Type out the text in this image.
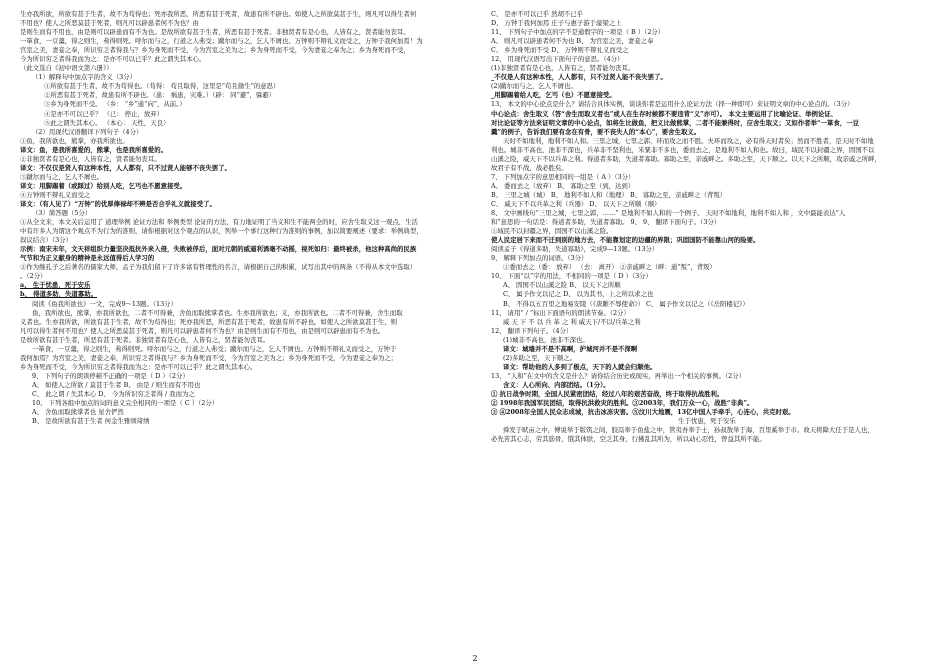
生亦我所欲，所欲有甚于生者，故不为苟得也；死亦我所恶，所恶有甚于死者，故患有所不辟也。如使人之所欲莫甚于生，则凡可以得生者何
不用也？使人之所恶莫甚于死者，则凡可以辟患者何不为也？由
是则生而有不用也，由是则可以辟患而有不为也。是故所欲有甚于生者，所恶有甚于死者。非独贤者有是心也，人皆有之，贤者能勿丧耳。
一箪食，一豆羹，得之则生，弗得则死。呼尔而与之，行道之人弗受；蹴尔而与之，乞人不屑也。万钟则不辩礼义而受之，万钟于我何加焉！为
宫室之美，妻妾之奉，所识穷乏者得我与？乡为身死而不受，今为宫室之美为之；乡为身死而不受，今为妻妾之奉为之；乡为身死而不受，
今为所识穷乏者得我而为之：是亦不可以已乎？此之谓失其本心。
（此文选自《初中语文第六册》）
（1）解释句中加点字的含义（3分）
①所欲有甚于生者，故不为苟得也。（苟得： 苟且取得，这里是“苟且偷生”的意思）
②所恶有甚于死者，故患有所不辟也。（患： 祸患，灾难。）（辟： 同“避”，躲避）
③乡为身死而不受。 （乡： “乡”通“向”，从前。）
④是亦不可以已乎？ （已： 停止，放弃）
⑤此之谓失其本心。 （本心： 天性，天良）
（2）用现代汉语翻译下列句子（4分）
①鱼，我所欲也，熊掌，亦我所欲也。
译文：鱼，是我所喜爱的，熊掌，也是我所喜爱的。
②非独贤者有是心也，人皆有之，贤者能勿丧耳。
译文：不仅仅是贤人有这种本性，人人都有，只不过贤人能够不丧失罢了。
③蹴尔而与之，乞人不屑也。
译文：用脚踢着（或踩过）给别人吃，乞丐也不愿意接受。
④万钟则不辩礼义而受之
译文：（有人见了）“万钟”的优厚俸禄却不辨是否合乎礼义就接受了。
（3）简答题（5分）
①从全文来，本文关后运用了 道理举例 论证方法和 举例类型 论证的方法，有力地证明了当义和生不能两全的时，应舍生取义这一观点，生活
中有许多人为谓这个观点不为行为的准则，请你根据对这个观点的认识，列举一个事行这种行为准则的事例，加以简要阐述（要求：举例典型，
叙议结合）（3分）
示例：南宋末年，文天祥组织力量坚决抵抗外来入侵，失败被俘后，面对元朝的威逼利诱毫不动摇，视死如归：最终被杀，他这种高尚的民族
气节和为正义献身的精神是永远值得后人学习的
②作为继孔子之后著名的儒家大师，孟子为我们留下了许多富有哲理性的名言，请根据自己的积累，试写出其中的两条（不得从本文中选取）
。（2分）
a、 生于忧患，死于安乐
b、 得道多助，失道寡助。
阅读《鱼我所欲也》一文，完成9～13题。（13分）
鱼，我所欲也，熊掌，亦我所欲也，二者不可得兼，舍鱼而取熊掌者也。生亦我所欲也；义，亦我所欲也。二者不可得兼，舍生而取
义者也。生亦我所欲，所欲有甚于生者，故不为苟得也；死亦我所恶，所恶有甚于死者，故患有所不辟也。如使人之所欲莫甚于生，则
凡可以得生者何不用也？使人之所恶莫甚于死者，则凡可以辟患者何不为也？由是则生而有不用也，由是则可以辟患而有不为也。
是故所欲有甚于生者，所恶有甚于死者。非独贤者有是心也，人皆有之，贤者能勿丧耳。
一箪食，一豆羹，得之则生，弗得则死。呼尔而与之，行道之人弗受；蹴尔而与之，乞人不屑也。万钟则不辩礼义而受之，万钟于
我何加焉？为宫室之美，妻妾之奉，所识穷乏者得我与？乡为身死而不受，今为宫室之美为之；乡为身死而不受，今为妻妾之奉为之；
乡为身死而不受，今为所识穷乏者得我而为之：是亦不可以已乎？此之谓失其本心。
9、 下列句子的朗读停顿不正确的一项是（ D ）（2分）
A、 如使人之所欲 / 莫甚于生者 B、 由是 / 则生而有不用也
C、 此之谓 / 失其本心 D、 今为所识穷乏者得 / 我而为之
10、 下列各组中加点的词的意义完全相同的一项是（ C ）（2分）
A、 舍鱼而取熊掌者也 星舍俨然
B、 是故所欲有甚于生者 何金生雅颂琦绣
C、 是亦不可以已乎 然胡不已乎
D、 万钟于我何加焉 庄子与惠子游于濠梁之上
11、 下列句子中加点的字不是通假字的一项是（ B ）（2分）
A、 则凡可以辟患者何不为也 B、 为宫室之美，妻妾之奉
C、 乡为身死而不受 D、 万钟则不辩礼义而受之
12、 用现代汉语写出下面句子的意思。（4分）
(1)非独贤者有是心也，人皆有之，贤者能勿丧耳。
_不仅是人有这种本性，人人都有，只不过贤人能不丧失罢了。
(2)蹴尔而与之，乞人不屑也。
_用脚踢着给人吃，乞丐（也）不愿意接受。
13、 本文的中心论点是什么？请结合具体实例，谈谈你者是运用什么论证方法（择一种即可）来证明文章的中心论点的。（3分）
中心论点：舍生取义（答“舍生而取义者也”或人在生存时候都不要违背“义”亦可）。 本文主要运用了比喻论证、举例论证、
对比论证等方法来证明文章的中心论点，如将生比做鱼，把义比做熊掌，二者不能兼得时，应舍生取义；又如作者举“一箪食，一豆
羹”的例子，告诉我们要有念在有骨，要不丧失人的“本心”，要舍生取义。
天时不如地利，地利不如人和。三里之城，七里之郭，环而攻之而不胜。夫环而攻之，必有得天时者矣；然而不胜者，是天时不如地
利也。城非不高也，池非不深也，兵革非不坚利也，米粟非不多也，委而去之，是地利不如人和也。故曰，域民不以封疆之界，固国不以
山溪之险，威天下不以兵革之利。得道者多助，失道者寡助。寡助之至，亲戚畔之。多助之至，天下顺之。以天下之所顺，攻亲戚之所畔，
故君子有不战，战必胜矣。
7、 下列加点字的意思相同的一组是（ A ）（3分）
A、 委而去之（放弃） B、 寡助之至（到，达到）
B、 三里之城（城） B、 地利不如人和（地理） B、 寡助之至，亲戚畔之（背叛）
C、 威天下不以兵革之利（兵器） D、 以天下之所顺（顺）
8、 文中画线句“三里之城，七里之郭，……” 是地利不如人和的一个例子。 天时不如地利，地利不如人和 ，文中最能表达“人
和”意思的一句话是：得道者多助，失道者寡助。 9、 9、 翻译下面句子。（3分）
①域民不以封疆之界，固国不以山溪之险。
使人民定居下来而不迁到别的地方去，不能靠划定的边疆的界限；巩固国防不能靠山河的险要。
阅读孟子《得道多助，失道寡助》，完成9—13题。（13分）
9、 解释下列加点的词语。（3分）
①委而去之（委： 放弃） （去： 离开） ②亲戚畔之（畔：通“叛”，背叛）
10、 下面“以”字的用法，不相同的一项是（ D ）（3分）
A、 固国不以山溪之险 B、 以天下之所顺
C、 属予作文以记之 D、 以为其书，上之所以求之也
B、 不得以五百里之地易安陵（《唐雎不辱使命》） C、 属予作文以记之（《岳阳楼记》）
11、 请用“ / ”标出下面语句的朗读节奏。（2分）
威 天 下 不 以 兵 革 之 利 威天下/不以/兵革之利
12、 翻译下列句子。（4分）
(1)城非不高也，池非不深也。
译文：城墙并不是不高啊，护城河并不是不深啊
(2)多助之至，天下顺之。
译文：帮助他的人多到了极点，天下的人就会归顺他。
13、 “人和”在文中的含义是什么？请你结合历史或现实，再举出一个相关的事例。（2分）
含义：人心所向、内部团结。（1分）。
① 抗日战争时期，全国人民紧密团结，经过八年的艰苦奋战，终于取得抗战胜利。
② 1998年我国军民团结，取得抗洪救灾的胜利。③2003年，我们万众一心，战胜“非典”。
③ ④2008年全国人民众志成城，抗击冰冻灾害。⑤汶川大地震，13亿中国人手牵手，心连心，共克时艰。
生于忧患，死于安乐
舜发于畎亩之中，傅说举于版筑之间，胶鬲举于鱼盐之中，管夷吾举于士，孙叔敖举于海，百里奚举于市。故天将降大任于是人也，
必先苦其心志，劳其筋骨，饿其体肤，空乏其身，行拂乱其所为，所以动心忍性，曾益其所不能。
2
